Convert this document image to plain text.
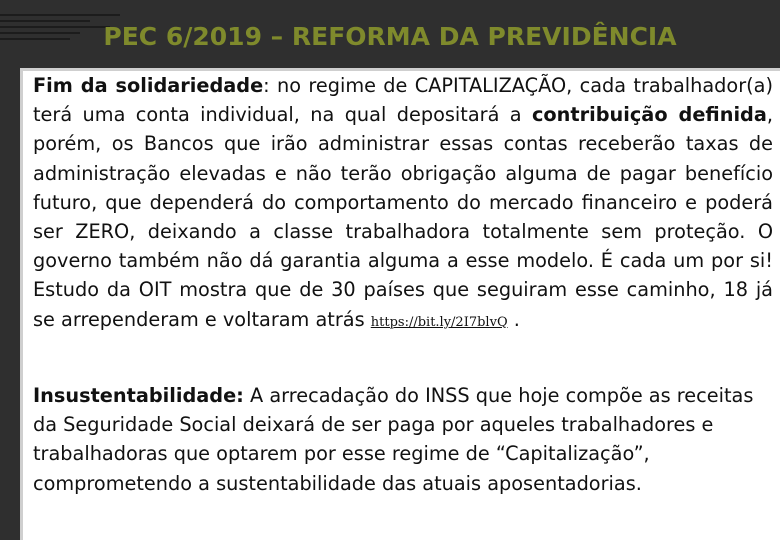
PEC 6/2019 – REFORMA DA PREVIDÊNCIA

Fim da solidariedade: no regime de CAPITALIZAÇÃO, cada trabalhador(a) terá uma conta individual, na qual depositará a contribuição definida, porém, os Bancos que irão administrar essas contas receberão taxas de administração elevadas e não terão obrigação alguma de pagar benefício futuro, que dependerá do comportamento do mercado financeiro e poderá ser ZERO, deixando a classe trabalhadora totalmente sem proteção. O governo também não dá garantia alguma a esse modelo. É cada um por si! Estudo da OIT mostra que de 30 países que seguiram esse caminho, 18 já se arrependeram e voltaram atrás https://bit.ly/2I7blvQ .

Insustentabilidade: A arrecadação do INSS que hoje compõe as receitas da Seguridade Social deixará de ser paga por aqueles trabalhadores e trabalhadoras que optarem por esse regime de “Capitalização”, comprometendo a sustentabilidade das atuais aposentadorias.
